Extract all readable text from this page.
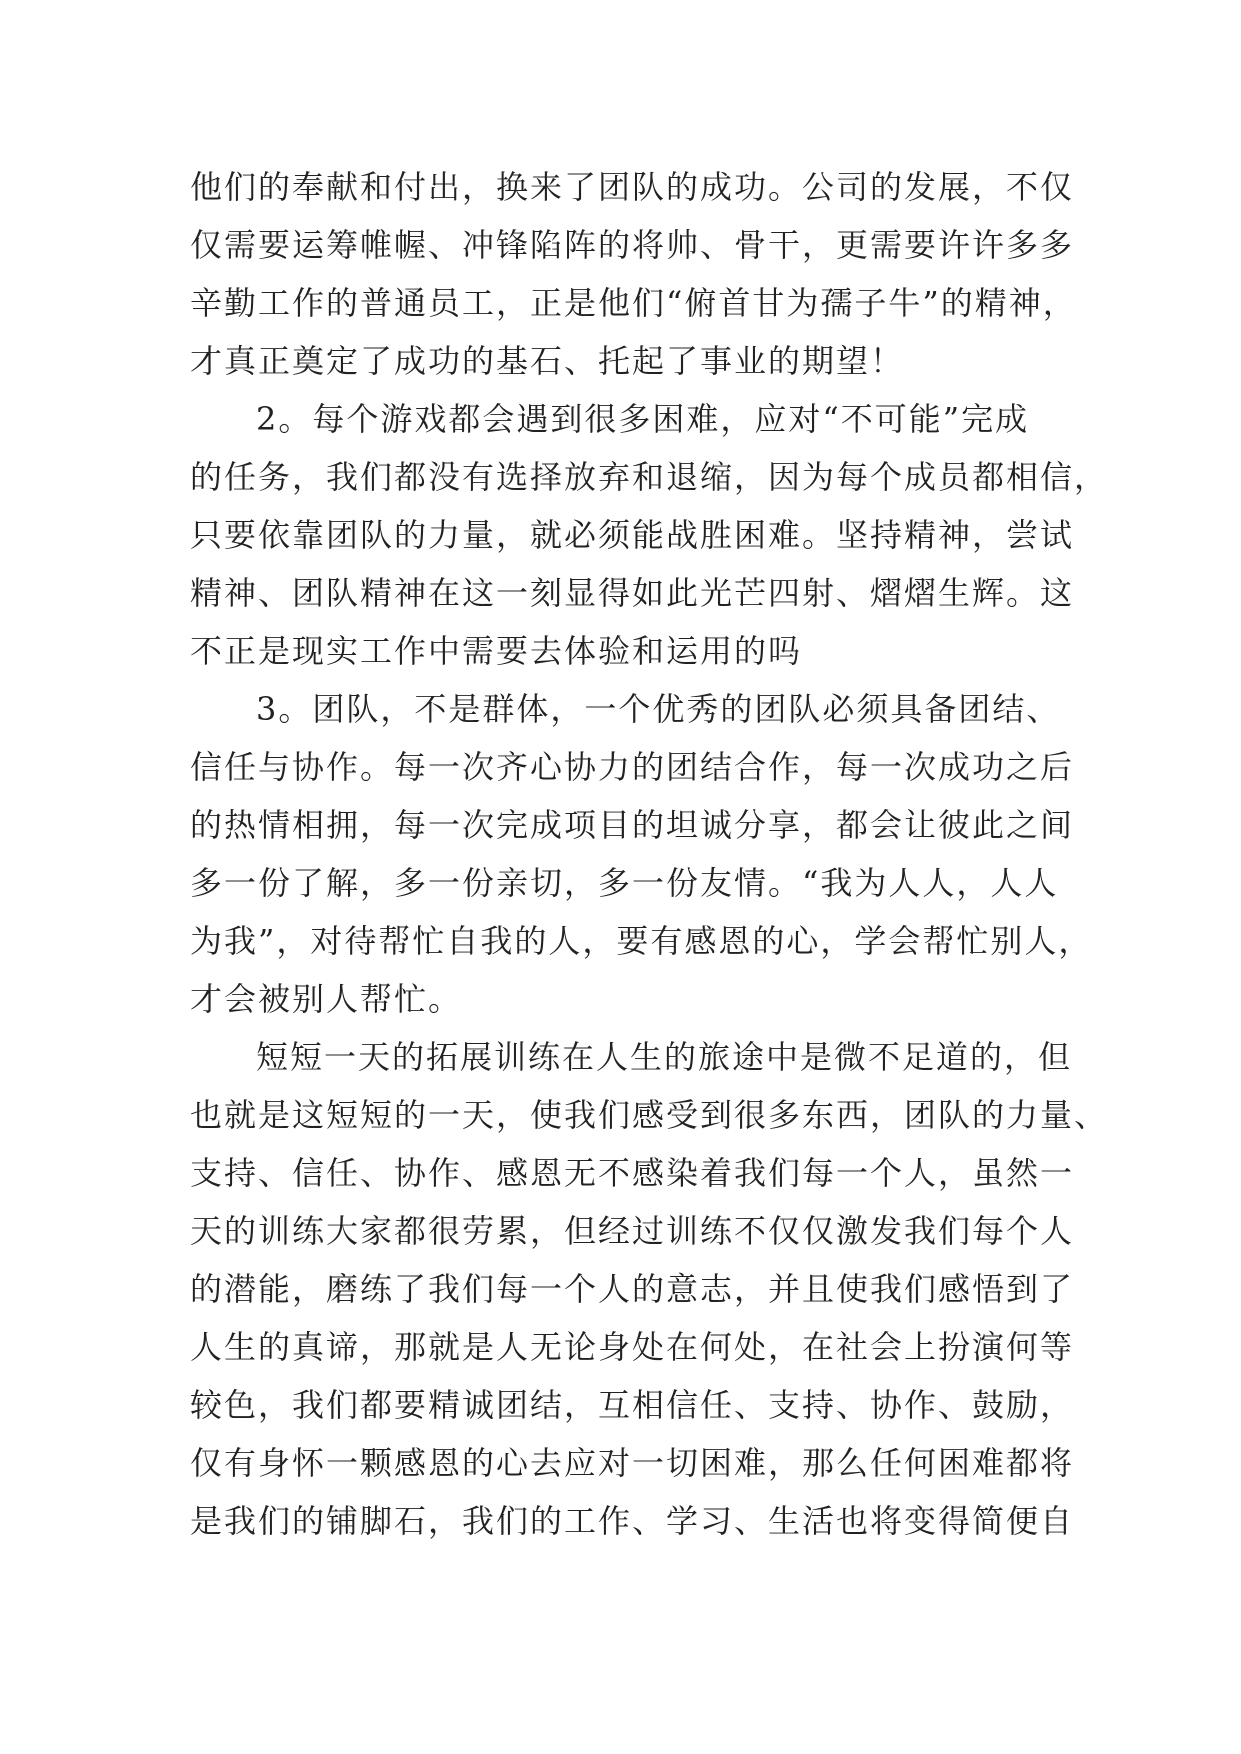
他们的奉献和付出，换来了团队的成功。公司的发展，不仅
仅需要运筹帷幄、冲锋陷阵的将帅、骨干，更需要许许多多
辛勤工作的普通员工，正是他们“俯首甘为孺子牛”的精神，
才真正奠定了成功的基石、托起了事业的期望！
2。每个游戏都会遇到很多困难，应对“不可能”完成
的任务，我们都没有选择放弃和退缩，因为每个成员都相信，
只要依靠团队的力量，就必须能战胜困难。坚持精神，尝试
精神、团队精神在这一刻显得如此光芒四射、熠熠生辉。这
不正是现实工作中需要去体验和运用的吗
3。团队，不是群体，一个优秀的团队必须具备团结、
信任与协作。每一次齐心协力的团结合作，每一次成功之后
的热情相拥，每一次完成项目的坦诚分享，都会让彼此之间
多一份了解，多一份亲切，多一份友情。“我为人人，人人
为我”，对待帮忙自我的人，要有感恩的心，学会帮忙别人，
才会被别人帮忙。
短短一天的拓展训练在人生的旅途中是微不足道的，但
也就是这短短的一天，使我们感受到很多东西，团队的力量、
支持、信任、协作、感恩无不感染着我们每一个人，虽然一
天的训练大家都很劳累，但经过训练不仅仅激发我们每个人
的潜能，磨练了我们每一个人的意志，并且使我们感悟到了
人生的真谛，那就是人无论身处在何处，在社会上扮演何等
较色，我们都要精诚团结，互相信任、支持、协作、鼓励，
仅有身怀一颗感恩的心去应对一切困难，那么任何困难都将
是我们的铺脚石，我们的工作、学习、生活也将变得简便自
